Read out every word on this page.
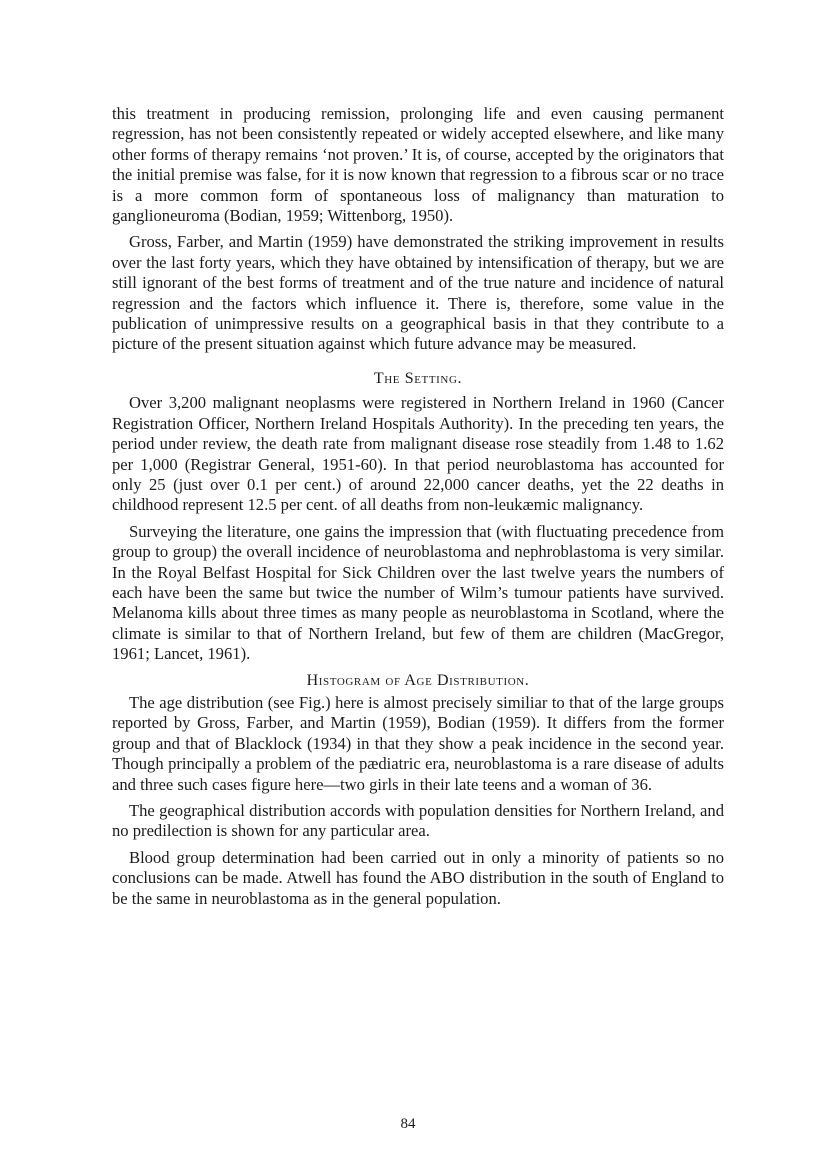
this treatment in producing remission, prolonging life and even causing permanent regression, has not been consistently repeated or widely accepted elsewhere, and like many other forms of therapy remains ‘not proven.’ It is, of course, accepted by the originators that the initial premise was false, for it is now known that regression to a fibrous scar or no trace is a more common form of spontaneous loss of malignancy than maturation to ganglioneuroma (Bodian, 1959; Wittenborg, 1950).

Gross, Farber, and Martin (1959) have demonstrated the striking improvement in results over the last forty years, which they have obtained by intensification of therapy, but we are still ignorant of the best forms of treatment and of the true nature and incidence of natural regression and the factors which influence it. There is, therefore, some value in the publication of unimpressive results on a geographical basis in that they contribute to a picture of the present situation against which future advance may be measured.

The Setting.

Over 3,200 malignant neoplasms were registered in Northern Ireland in 1960 (Cancer Registration Officer, Northern Ireland Hospitals Authority). In the preceding ten years, the period under review, the death rate from malignant disease rose steadily from 1.48 to 1.62 per 1,000 (Registrar General, 1951-60). In that period neuroblastoma has accounted for only 25 (just over 0.1 per cent.) of around 22,000 cancer deaths, yet the 22 deaths in childhood represent 12.5 per cent. of all deaths from non-leukæmic malignancy.

Surveying the literature, one gains the impression that (with fluctuating precedence from group to group) the overall incidence of neuroblastoma and nephroblastoma is very similar. In the Royal Belfast Hospital for Sick Children over the last twelve years the numbers of each have been the same but twice the number of Wilm’s tumour patients have survived. Melanoma kills about three times as many people as neuroblastoma in Scotland, where the climate is similar to that of Northern Ireland, but few of them are children (MacGregor, 1961; Lancet, 1961).

Histogram of Age Distribution.

The age distribution (see Fig.) here is almost precisely similiar to that of the large groups reported by Gross, Farber, and Martin (1959), Bodian (1959). It differs from the former group and that of Blacklock (1934) in that they show a peak incidence in the second year. Though principally a problem of the pædiatric era, neuroblastoma is a rare disease of adults and three such cases figure here—two girls in their late teens and a woman of 36.

The geographical distribution accords with population densities for Northern Ireland, and no predilection is shown for any particular area.

Blood group determination had been carried out in only a minority of patients so no conclusions can be made. Atwell has found the ABO distribution in the south of England to be the same in neuroblastoma as in the general population.

84
